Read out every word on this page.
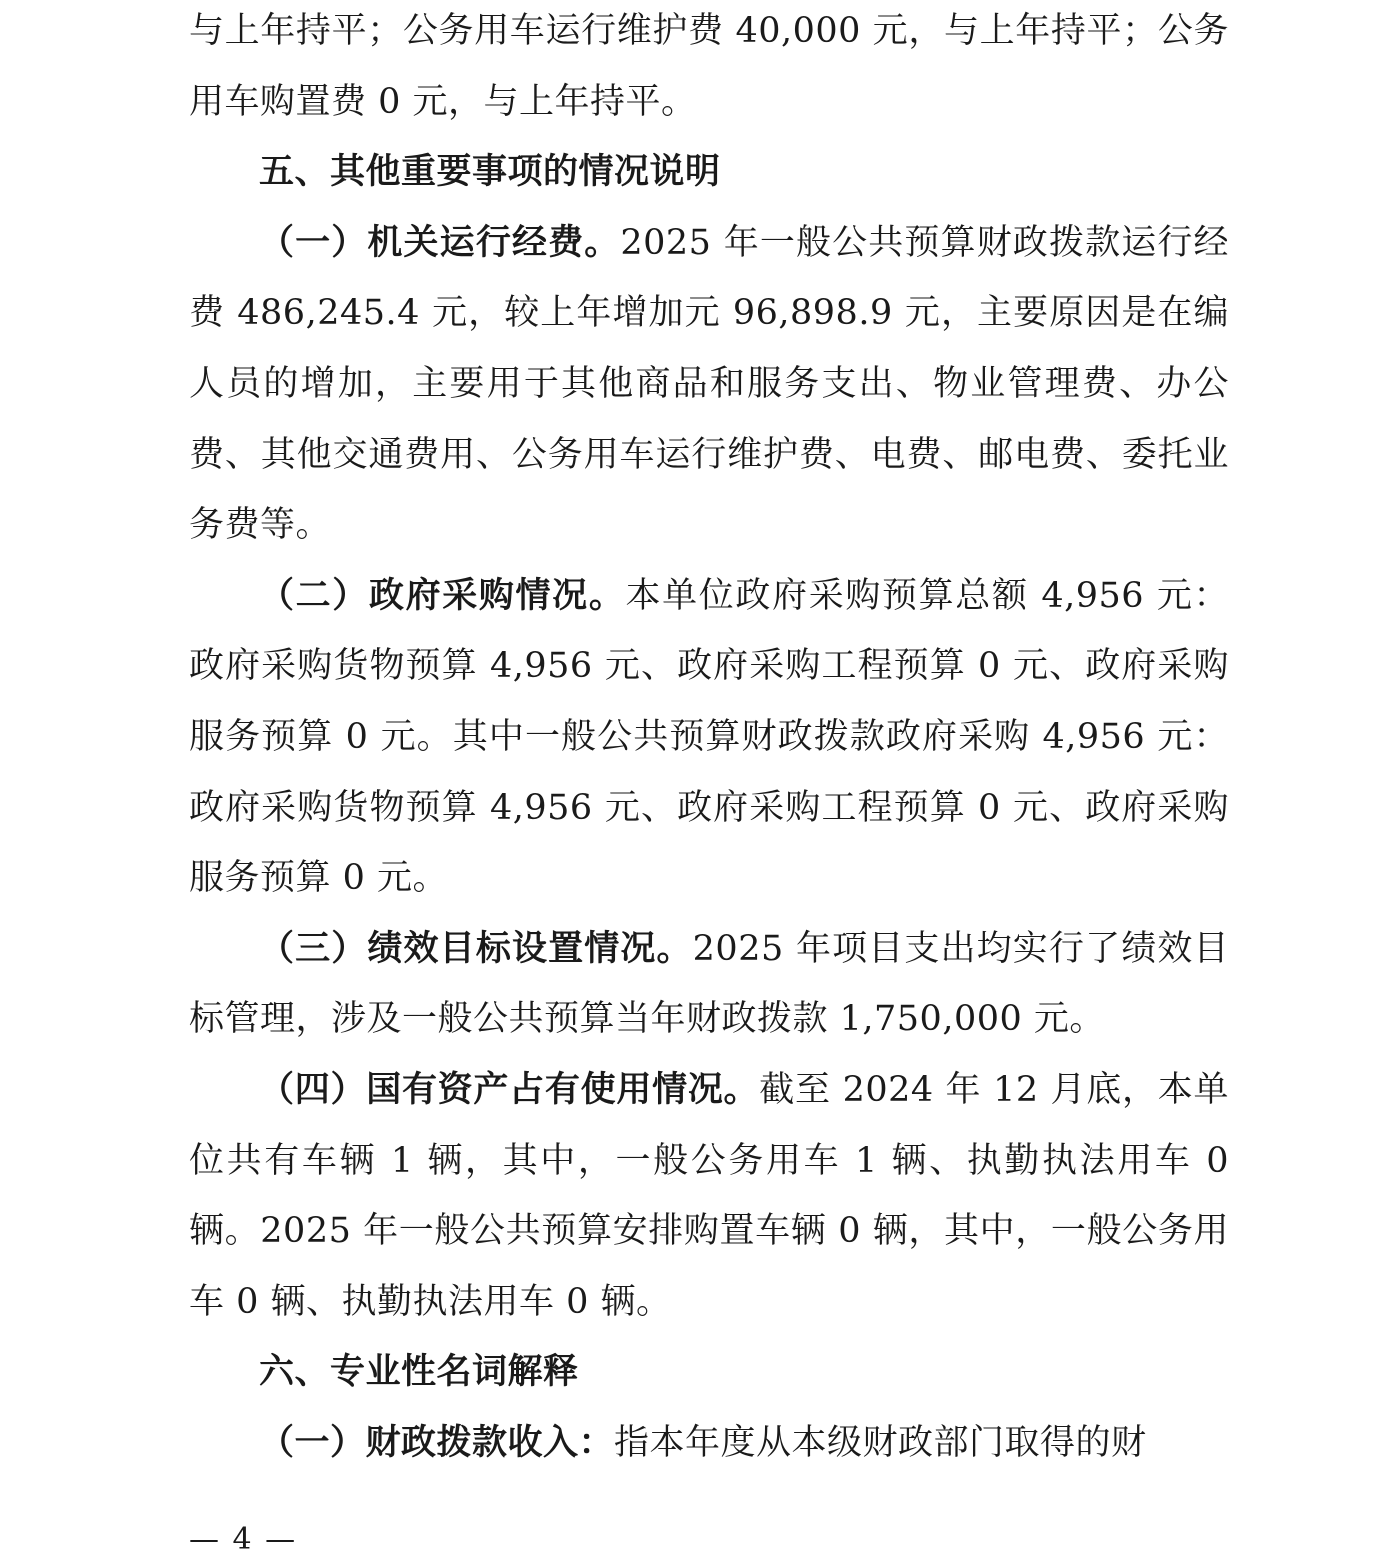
与上年持平；公务用车运行维护费 40,000 元，与上年持平；公务用车购置费 0 元，与上年持平。

五、其他重要事项的情况说明

（一）机关运行经费。2025 年一般公共预算财政拨款运行经费 486,245.4 元，较上年增加元 96,898.9 元，主要原因是在编人员的增加，主要用于其他商品和服务支出、物业管理费、办公费、其他交通费用、公务用车运行维护费、电费、邮电费、委托业务费等。

（二）政府采购情况。本单位政府采购预算总额 4,956 元：政府采购货物预算 4,956 元、政府采购工程预算 0 元、政府采购服务预算 0 元。其中一般公共预算财政拨款政府采购 4,956 元：政府采购货物预算 4,956 元、政府采购工程预算 0 元、政府采购服务预算 0 元。

（三）绩效目标设置情况。2025 年项目支出均实行了绩效目标管理，涉及一般公共预算当年财政拨款 1,750,000 元。

（四）国有资产占有使用情况。截至 2024 年 12 月底，本单位共有车辆 1 辆，其中，一般公务用车 1 辆、执勤执法用车 0 辆。2025 年一般公共预算安排购置车辆 0 辆，其中，一般公务用车 0 辆、执勤执法用车 0 辆。

六、专业性名词解释

（一）财政拨款收入：指本年度从本级财政部门取得的财

— 4 —
